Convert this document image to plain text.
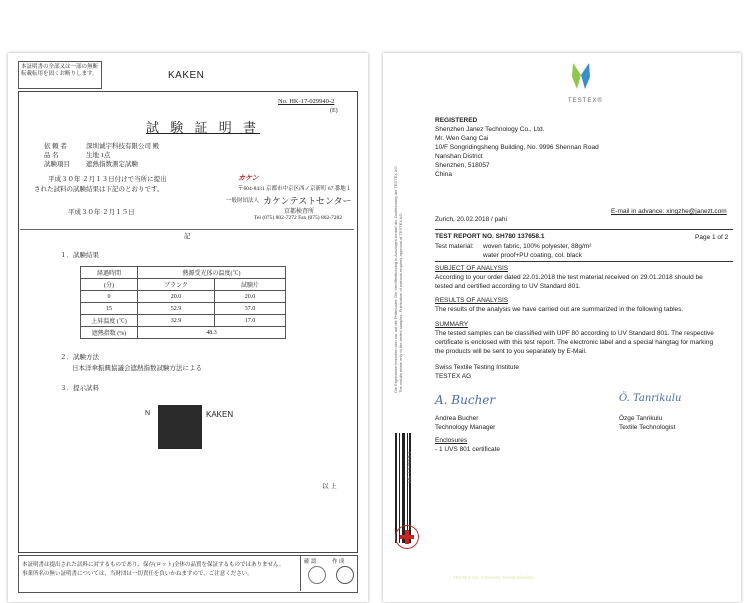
本証明書の全部又は一部の無断転載転用を固くお断りします。	KAKEN
No. HK-17-029940-2
(E)
試 験 証 明 書
依 頼 者	深圳诚宇科技有限公司 殿
品 名	生地 1点
試験項目 遮熱指数測定試験
平成３０年 ２月１３日付けで当所に提出
された試料の試験結果は下記のとおりです。
平成３０年 ２月１５日
カケン
〒604-8431 京都市中京区西ノ京新町 67 番地１
一般財団法人 カケンテストセンター
京都検査所
Tel (075) 802-7272 Fax (075) 802-7282
記
１．試験結果
経過時間	熱源受光体の温度(℃)	
(分)	ブランク	試験片
0	20.0	20.0
15	52.9	37.0
上昇温度 (℃)	32.9	17.0
遮熱指数 (%)	48.3	
２．試験方法
日本洋傘振興協議会遮熱指数試験方法による
３．提示試料
N	KAKEN
以 上
本証明書は提出された試料に対するものであり、保存(ロット)全体の品質を保証するものではありません。
事業所名の無い証明書については、当財団は一切責任を負いかねますので、ご注意ください。
確 認	作 成
TESTEX®
REGISTERED
Shenzhen Janez Technology Co., Ltd.
Mr. Wen Gang Cai
10/F Songridingsheng Building, No. 9996 Shennan Road
Nanshan District
Shenzhen, 518057
China
E-mail in advance: xingzhe@janezt.com
Zurich, 20.02.2018 / pahi
TEST REPORT NO. SH780 137658.1	Page 1 of 2
Test material: woven fabric, 100% polyester, 88g/m²
water proof+PU coating, col. black
SUBJECT OF ANALYSIS
According to your order dated 22.01.2018 the test material received on 29.01.2018 should be
tested and certified according to UV Standard 801.
RESULTS OF ANALYSIS
The results of the analysis we have carried out are summarized in the following tables.
SUMMARY
The tested samples can be classified with UPF 80 according to UV Standard 801. The respective
certificate is enclosed with this test report. The electronic label and a special hangtag for marking
the products will be sent to you separately by E-Mail.
Swiss Textile Testing Institute
TESTEX AG
A. Bucher	Ö. Tanrikulu
Andrea Bucher
Technology Manager
Özge Tanrikulu
Textile Technologist
Enclosures
- 1 UVS 801 certificate
Die Ergebnisse beziehen sich nur auf die Prüfmuster. Die Veröffentlichung in Auszügen bedarf der Zustimmung der TESTEX AG. The results relate only to the tested samples. Publication of extracts requires approval of TESTEX AG.
HE 137658.1
TESTEX AG, Schweizer Textilprüfinstitut
